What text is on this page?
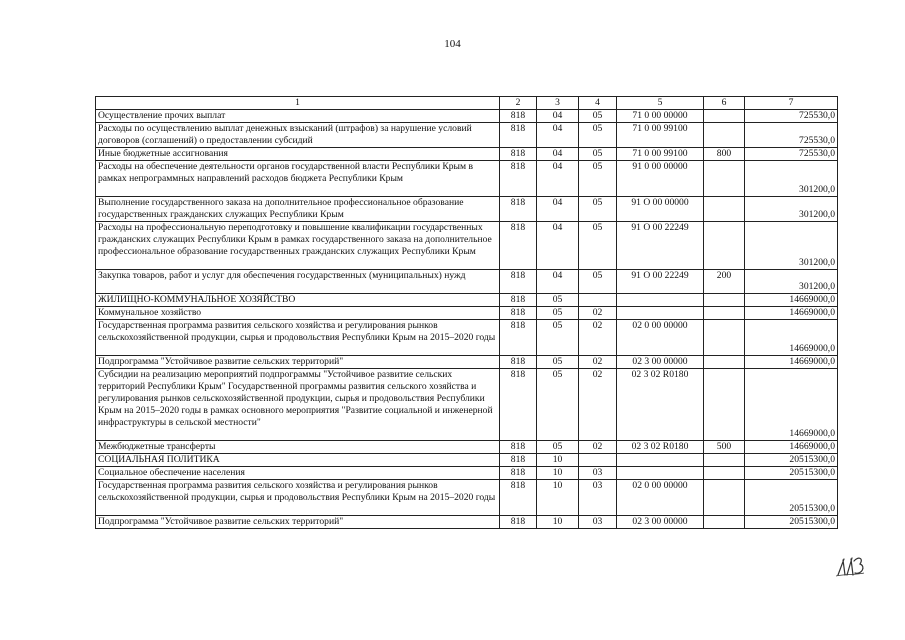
104
1	2	3	4	5	6	7
Осуществление прочих выплат	818	04	05	71 0 00 00000		725530,0
Расходы по осуществлению выплат денежных взысканий (штрафов) за нарушение условий договоров (соглашений) о предоставлении субсидий	818	04	05	71 0 00 99100		725530,0
Иные бюджетные ассигнования	818	04	05	71 0 00 99100	800	725530,0
Расходы на обеспечение деятельности органов государственной власти Республики Крым в рамках непрограммных направлений расходов бюджета Республики Крым	818	04	05	91 0 00 00000		301200,0
Выполнение государственного заказа на дополнительное профессиональное образование государственных гражданских служащих Республики Крым	818	04	05	91 О 00 00000		301200,0
Расходы на профессиональную переподготовку и повышение квалификации государственных гражданских служащих Республики Крым в рамках государственного заказа на дополнительное профессиональное образование государственных гражданских служащих Республики Крым	818	04	05	91 О 00 22249		301200,0
Закупка товаров, работ и услуг для обеспечения государственных (муниципальных) нужд	818	04	05	91 О 00 22249	200	301200,0
ЖИЛИЩНО-КОММУНАЛЬНОЕ ХОЗЯЙСТВО	818	05				14669000,0
Коммунальное хозяйство	818	05	02			14669000,0
Государственная программа развития сельского хозяйства и регулирования рынков сельскохозяйственной продукции, сырья и продовольствия Республики Крым на 2015–2020 годы	818	05	02	02 0 00 00000		14669000,0
Подпрограмма "Устойчивое развитие сельских территорий"	818	05	02	02 3 00 00000		14669000,0
Субсидии на реализацию мероприятий подпрограммы "Устойчивое развитие сельских территорий Республики Крым" Государственной программы развития сельского хозяйства и регулирования рынков сельскохозяйственной продукции, сырья и продовольствия Республики Крым на 2015–2020 годы в рамках основного мероприятия "Развитие социальной и инженерной инфраструктуры в сельской местности"	818	05	02	02 3 02 R0180		14669000,0
Межбюджетные трансферты	818	05	02	02 3 02 R0180	500	14669000,0
СОЦИАЛЬНАЯ ПОЛИТИКА	818	10				20515300,0
Социальное обеспечение населения	818	10	03			20515300,0
Государственная программа развития сельского хозяйства и регулирования рынков сельскохозяйственной продукции, сырья и продовольствия Республики Крым на 2015–2020 годы	818	10	03	02 0 00 00000		20515300,0
Подпрограмма "Устойчивое развитие сельских территорий"	818	10	03	02 3 00 00000		20515300,0
